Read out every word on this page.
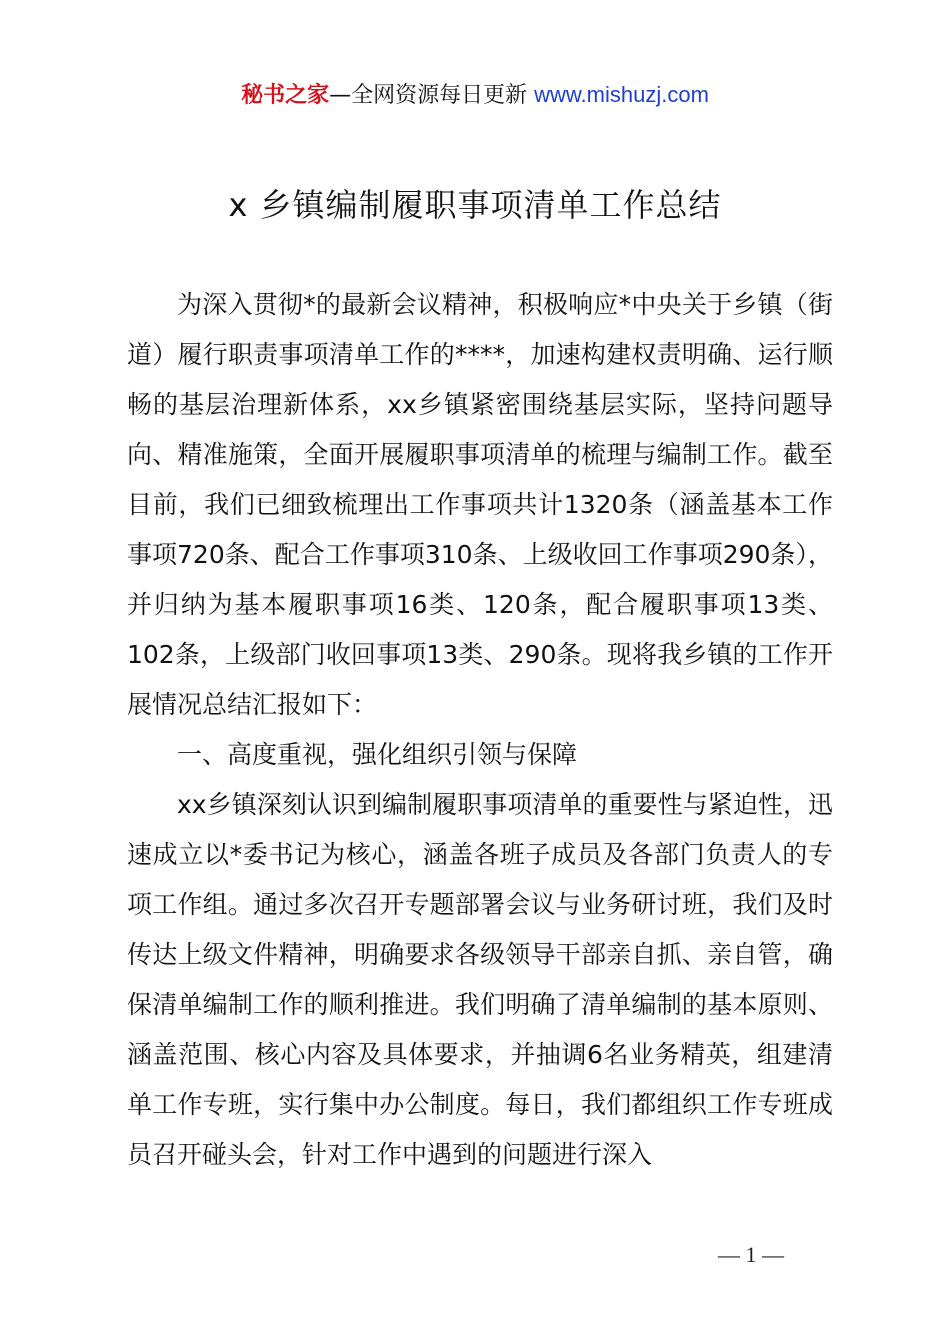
秘书之家—全网资源每日更新 www.mishuzj.com
x 乡镇编制履职事项清单工作总结

为深入贯彻*的最新会议精神，积极响应*中央关于乡镇（街道）履行职责事项清单工作的****，加速构建权责明确、运行顺畅的基层治理新体系，xx乡镇紧密围绕基层实际，坚持问题导向、精准施策，全面开展履职事项清单的梳理与编制工作。截至目前，我们已细致梳理出工作事项共计1320条（涵盖基本工作事项720条、配合工作事项310条、上级收回工作事项290条），并归纳为基本履职事项16类、120条，配合履职事项13类、102条，上级部门收回事项13类、290条。现将我乡镇的工作开展情况总结汇报如下：

一、高度重视，强化组织引领与保障

xx乡镇深刻认识到编制履职事项清单的重要性与紧迫性，迅速成立以*委书记为核心，涵盖各班子成员及各部门负责人的专项工作组。通过多次召开专题部署会议与业务研讨班，我们及时传达上级文件精神，明确要求各级领导干部亲自抓、亲自管，确保清单编制工作的顺利推进。我们明确了清单编制的基本原则、涵盖范围、核心内容及具体要求，并抽调6名业务精英，组建清单工作专班，实行集中办公制度。每日，我们都组织工作专班成员召开碰头会，针对工作中遇到的问题进行深入

— 1 —
